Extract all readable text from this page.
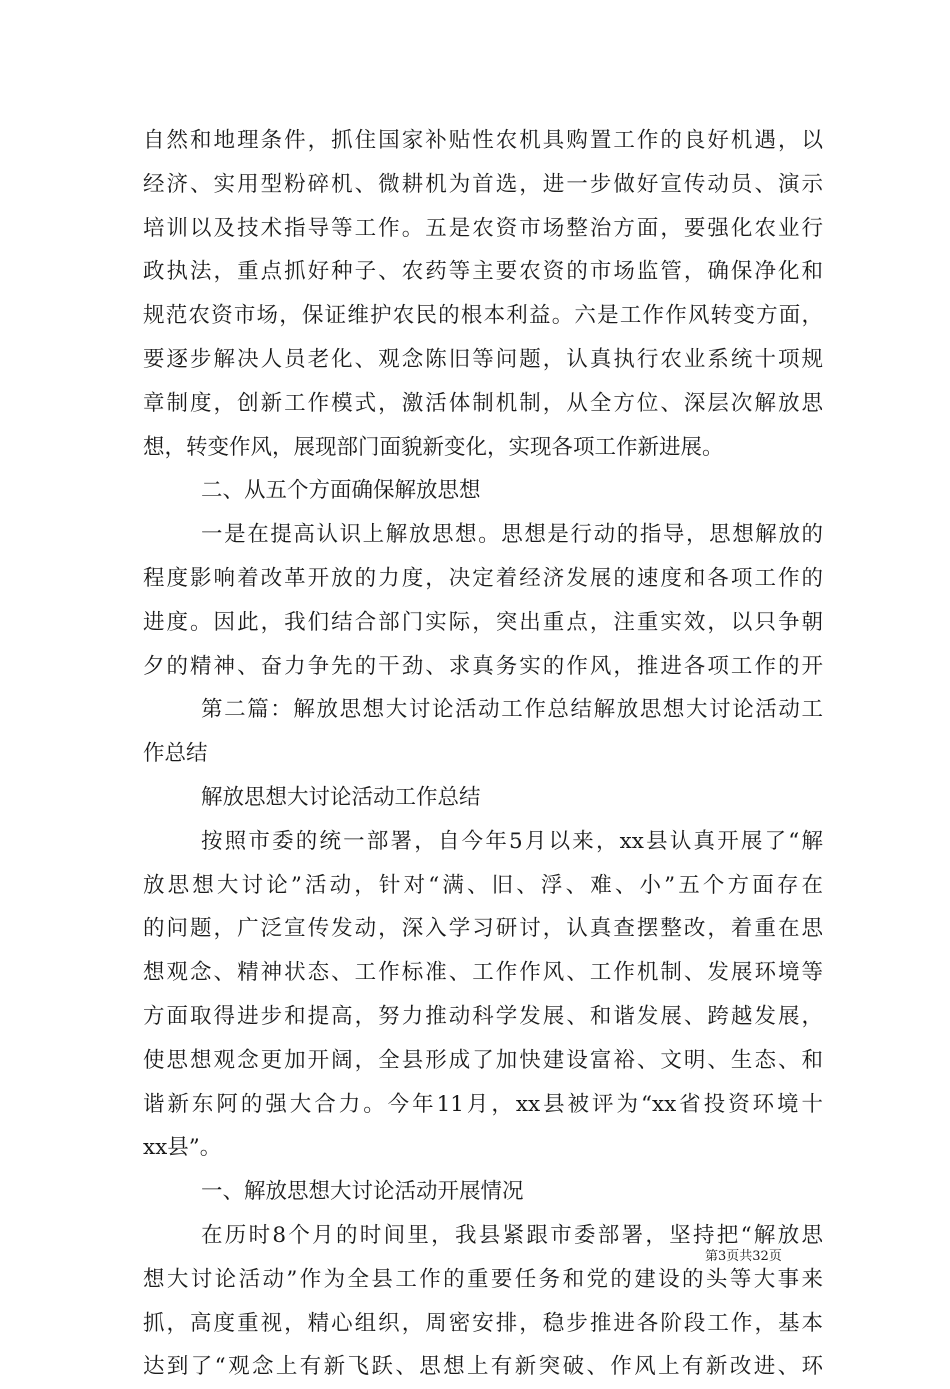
自然和地理条件，抓住国家补贴性农机具购置工作的良好机遇，以
经济、实用型粉碎机、微耕机为首选，进一步做好宣传动员、演示
培训以及技术指导等工作。五是农资市场整治方面，要强化农业行
政执法，重点抓好种子、农药等主要农资的市场监管，确保净化和
规范农资市场，保证维护农民的根本利益。六是工作作风转变方面，
要逐步解决人员老化、观念陈旧等问题，认真执行农业系统十项规
章制度，创新工作模式，激活体制机制，从全方位、深层次解放思
想，转变作风，展现部门面貌新变化，实现各项工作新进展。
二、从五个方面确保解放思想
一是在提高认识上解放思想。思想是行动的指导，思想解放的
程度影响着改革开放的力度，决定着经济发展的速度和各项工作的
进度。因此，我们结合部门实际，突出重点，注重实效，以只争朝
夕的精神、奋力争先的干劲、求真务实的作风，推进各项工作的开
第二篇：解放思想大讨论活动工作总结解放思想大讨论活动工
作总结
解放思想大讨论活动工作总结
按照市委的统一部署，自今年5月以来，xx县认真开展了“解
放思想大讨论”活动，针对“满、旧、浮、难、小”五个方面存在
的问题，广泛宣传发动，深入学习研讨，认真查摆整改，着重在思
想观念、精神状态、工作标准、工作作风、工作机制、发展环境等
方面取得进步和提高，努力推动科学发展、和谐发展、跨越发展，
使思想观念更加开阔，全县形成了加快建设富裕、文明、生态、和
谐新东阿的强大合力。今年11月，xx县被评为“xx省投资环境十
xx县”。
一、解放思想大讨论活动开展情况
在历时8个月的时间里，我县紧跟市委部署，坚持把“解放思
想大讨论活动”作为全县工作的重要任务和党的建设的头等大事来
抓，高度重视，精心组织，周密安排，稳步推进各阶段工作，基本
达到了“观念上有新飞跃、思想上有新突破、作风上有新改进、环
第3页共32页
